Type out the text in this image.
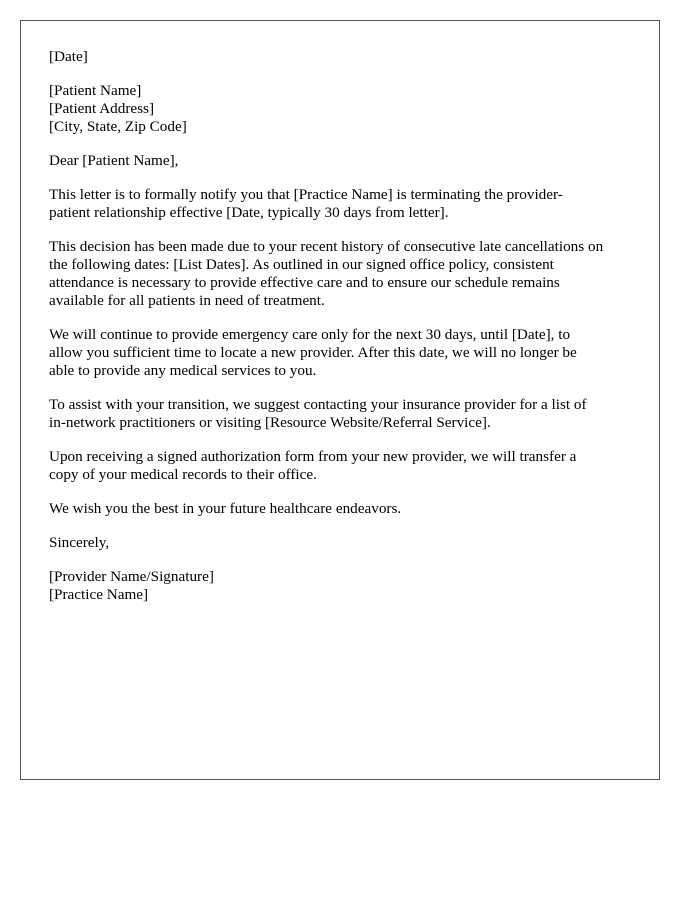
[Date]
[Patient Name]
[Patient Address]
[City, State, Zip Code]
Dear [Patient Name],
This letter is to formally notify you that [Practice Name] is terminating the provider-
patient relationship effective [Date, typically 30 days from letter].
This decision has been made due to your recent history of consecutive late cancellations on
the following dates: [List Dates]. As outlined in our signed office policy, consistent
attendance is necessary to provide effective care and to ensure our schedule remains
available for all patients in need of treatment.
We will continue to provide emergency care only for the next 30 days, until [Date], to
allow you sufficient time to locate a new provider. After this date, we will no longer be
able to provide any medical services to you.
To assist with your transition, we suggest contacting your insurance provider for a list of
in-network practitioners or visiting [Resource Website/Referral Service].
Upon receiving a signed authorization form from your new provider, we will transfer a
copy of your medical records to their office.
We wish you the best in your future healthcare endeavors.
Sincerely,
[Provider Name/Signature]
[Practice Name]
